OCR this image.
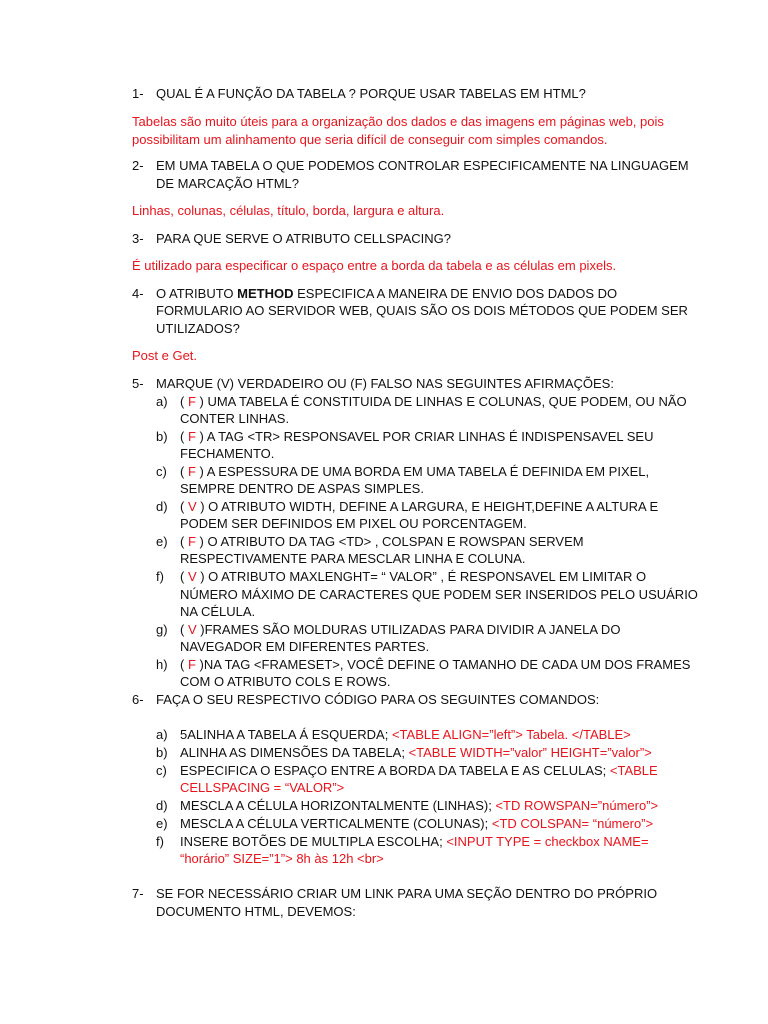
1- QUAL É A FUNÇÃO DA TABELA ? PORQUE USAR TABELAS EM HTML?
Tabelas são muito úteis para a organização dos dados e das imagens em páginas web, pois
possibilitam um alinhamento que seria difícil de conseguir com simples comandos.
2- EM UMA TABELA O QUE PODEMOS CONTROLAR ESPECIFICAMENTE NA LINGUAGEM
DE MARCAÇÃO HTML?
Linhas, colunas, células, título, borda, largura e altura.
3- PARA QUE SERVE O ATRIBUTO CELLSPACING?
É utilizado para especificar o espaço entre a borda da tabela e as células em pixels.
4- O ATRIBUTO METHOD ESPECIFICA A MANEIRA DE ENVIO DOS DADOS DO
FORMULARIO AO SERVIDOR WEB, QUAIS SÃO OS DOIS MÉTODOS QUE PODEM SER
UTILIZADOS?
Post e Get.
5- MARQUE (V) VERDADEIRO OU (F) FALSO NAS SEGUINTES AFIRMAÇÕES:
a) ( F ) UMA TABELA É CONSTITUIDA DE LINHAS E COLUNAS, QUE PODEM, OU NÃO
CONTER LINHAS.
b) ( F ) A TAG <TR> RESPONSAVEL POR CRIAR LINHAS É INDISPENSAVEL SEU
FECHAMENTO.
c) ( F ) A ESPESSURA DE UMA BORDA EM UMA TABELA É DEFINIDA EM PIXEL,
SEMPRE DENTRO DE ASPAS SIMPLES.
d) ( V ) O ATRIBUTO WIDTH, DEFINE A LARGURA, E HEIGHT,DEFINE A ALTURA E
PODEM SER DEFINIDOS EM PIXEL OU PORCENTAGEM.
e) ( F ) O ATRIBUTO DA TAG <TD> , COLSPAN E ROWSPAN SERVEM
RESPECTIVAMENTE PARA MESCLAR LINHA E COLUNA.
f) ( V ) O ATRIBUTO MAXLENGHT= “ VALOR” , É RESPONSAVEL EM LIMITAR O
NÚMERO MÁXIMO DE CARACTERES QUE PODEM SER INSERIDOS PELO USUÁRIO
NA CÉLULA.
g) ( V )FRAMES SÃO MOLDURAS UTILIZADAS PARA DIVIDIR A JANELA DO
NAVEGADOR EM DIFERENTES PARTES.
h) ( F )NA TAG <FRAMESET>, VOCÊ DEFINE O TAMANHO DE CADA UM DOS FRAMES
COM O ATRIBUTO COLS E ROWS.
6- FAÇA O SEU RESPECTIVO CÓDIGO PARA OS SEGUINTES COMANDOS:
a) 5ALINHA A TABELA Á ESQUERDA; <TABLE ALIGN=”left”> Tabela. </TABLE>
b) ALINHA AS DIMENSÕES DA TABELA; <TABLE WIDTH=”valor” HEIGHT=”valor”>
c) ESPECIFICA O ESPAÇO ENTRE A BORDA DA TABELA E AS CELULAS; <TABLE
CELLSPACING = “VALOR”>
d) MESCLA A CÉLULA HORIZONTALMENTE (LINHAS); <TD ROWSPAN=”número”>
e) MESCLA A CÉLULA VERTICALMENTE (COLUNAS); <TD COLSPAN= “número”>
f) INSERE BOTÕES DE MULTIPLA ESCOLHA; <INPUT TYPE = checkbox NAME=
“horário” SIZE=”1”> 8h às 12h <br>
7- SE FOR NECESSÁRIO CRIAR UM LINK PARA UMA SEÇÃO DENTRO DO PRÓPRIO
DOCUMENTO HTML, DEVEMOS:
